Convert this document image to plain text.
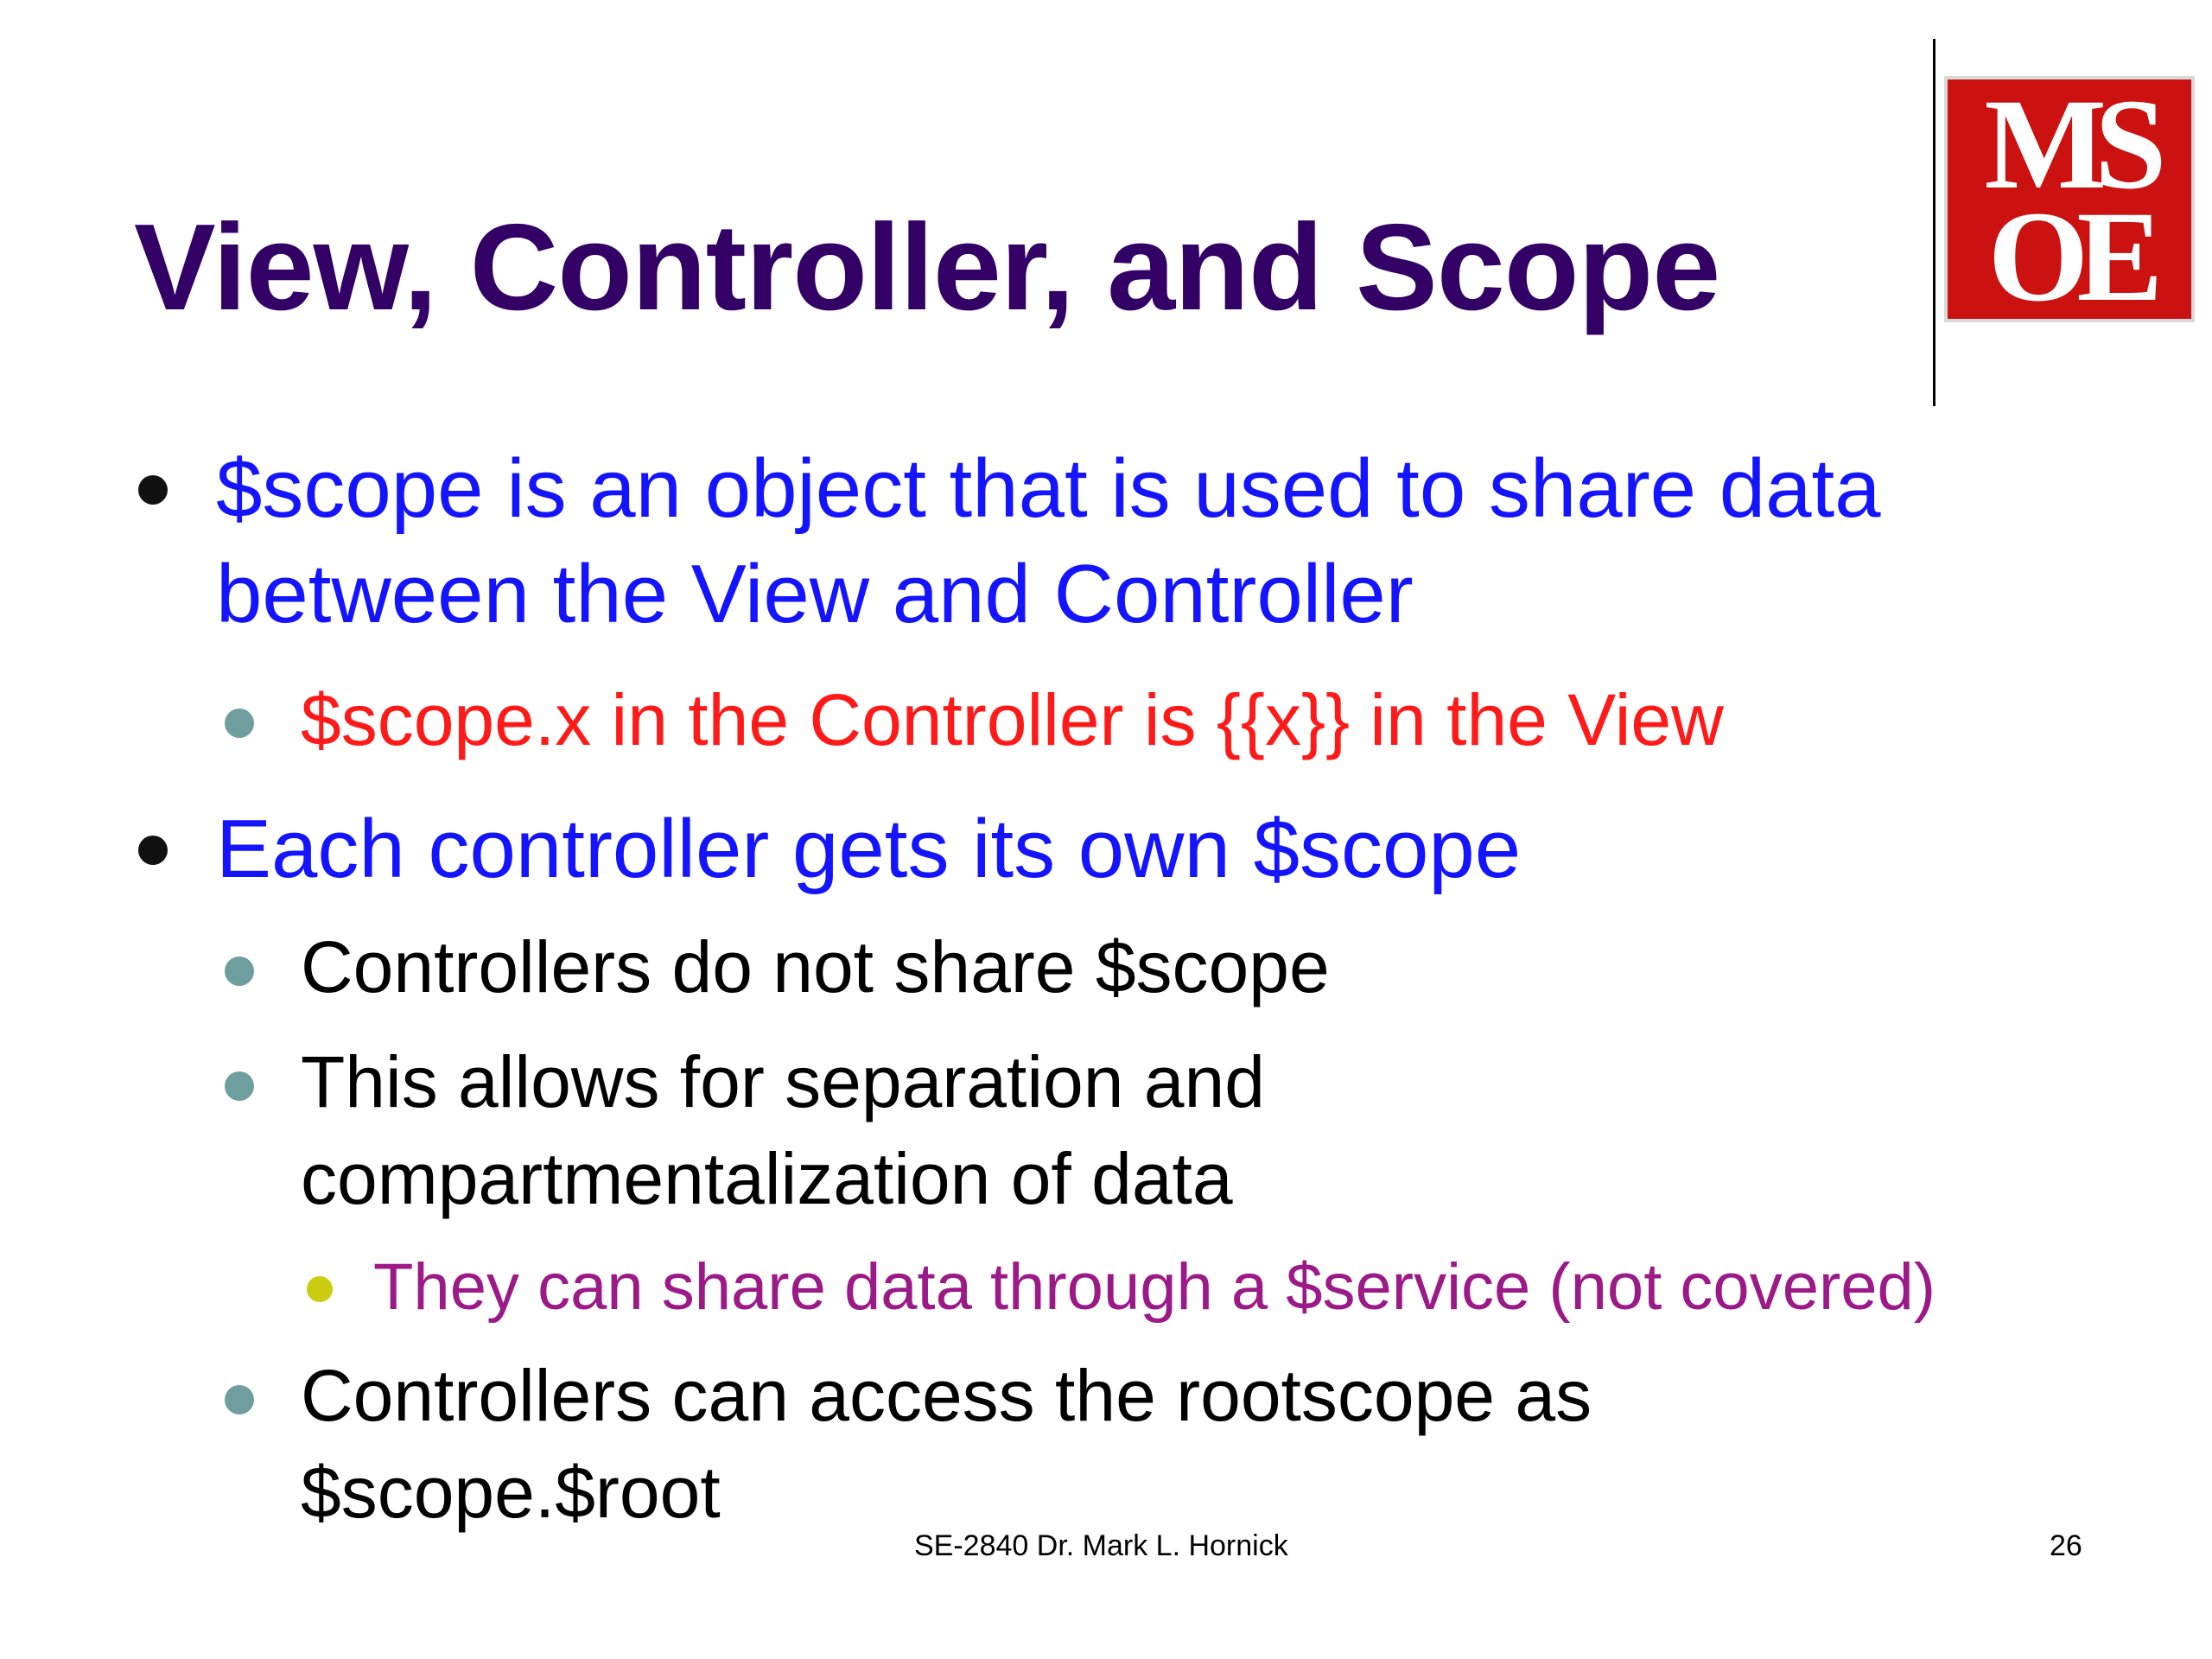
View, Controller, and Scope
MS
OE
$scope is an object that is used to share data
between the View and Controller
$scope.x in the Controller is {{x}} in the View
Each controller gets its own $scope
Controllers do not share $scope
This allows for separation and
compartmentalization of data
They can share data through a $service (not covered)
Controllers can access the rootscope as
$scope.$root
SE-2840 Dr. Mark L. Hornick	26
